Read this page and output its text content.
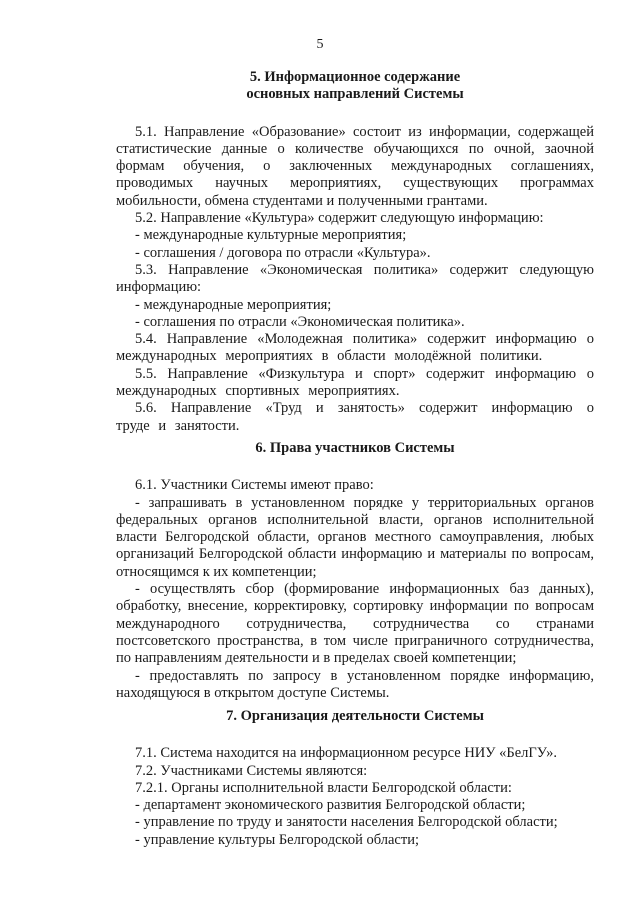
5
5. Информационное содержание
основных направлений Системы

5.1. Направление «Образование» состоит из информации, содержащей статистические данные о количестве обучающихся по очной, заочной формам обучения, о заключенных международных соглашениях, проводимых научных мероприятиях, существующих программах мобильности, обмена студентами и полученными грантами.

5.2. Направление «Культура» содержит следующую информацию:

- международные культурные мероприятия;

- соглашения / договора по отрасли «Культура».

5.3. Направление «Экономическая политика» содержит следующую информацию:

- международные мероприятия;

- соглашения по отрасли «Экономическая политика».

5.4. Направление «Молодежная политика» содержит информацию о международных мероприятиях в области молодёжной политики.

5.5. Направление «Физкультура и спорт» содержит информацию о международных спортивных мероприятиях.

5.6. Направление «Труд и занятость» содержит информацию о труде и занятости.

6. Права участников Системы

6.1. Участники Системы имеют право:

- запрашивать в установленном порядке у территориальных органов федеральных органов исполнительной власти, органов исполнительной власти Белгородской области, органов местного самоуправления, любых организаций Белгородской области информацию и материалы по вопросам, относящимся к их компетенции;

- осуществлять сбор (формирование информационных баз данных), обработку, внесение, корректировку, сортировку информации по вопросам международного сотрудничества, сотрудничества со странами постсоветского пространства, в том числе приграничного сотрудничества, по направлениям деятельности и в пределах своей компетенции;

- предоставлять по запросу в установленном порядке информацию, находящуюся в открытом доступе Системы.

7. Организация деятельности Системы

7.1. Система находится на информационном ресурсе НИУ «БелГУ».

7.2. Участниками Системы являются:

7.2.1. Органы исполнительной власти Белгородской области:

- департамент экономического развития Белгородской области;

- управление по труду и занятости населения Белгородской области;

- управление культуры Белгородской области;
